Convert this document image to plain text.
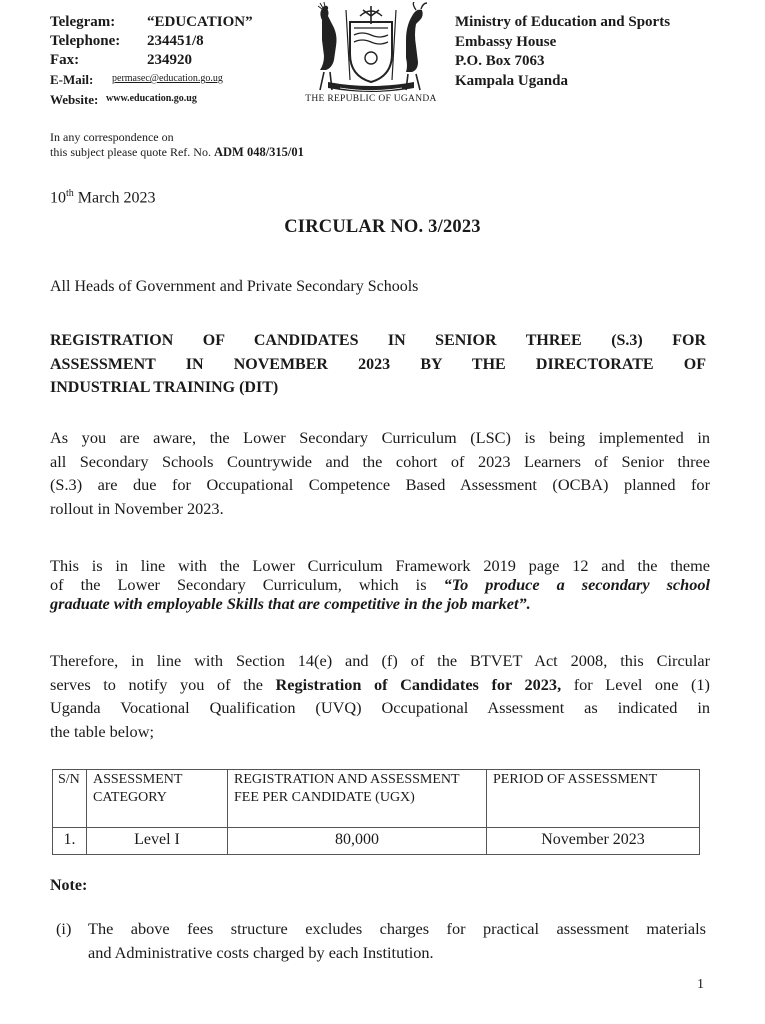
Telegram: “EDUCATION”
Telephone: 234451/8
Fax:	234920
E-Mail: permasec@education.go.ug
Website: www.education.go.ug	THE REPUBLIC OF UGANDA
Ministry of Education and Sports
Embassy House
P.O. Box 7063
Kampala Uganda
In any correspondence on
this subject please quote Ref. No. ADM 048/315/01
10th March 2023
CIRCULAR NO. 3/2023
All Heads of Government and Private Secondary Schools
REGISTRATION OF CANDIDATES IN SENIOR THREE (S.3) FOR
ASSESSMENT IN NOVEMBER 2023 BY THE DIRECTORATE OF
INDUSTRIAL TRAINING (DIT)
As you are aware, the Lower Secondary Curriculum (LSC) is being implemented in
all Secondary Schools Countrywide and the cohort of 2023 Learners of Senior three
(S.3) are due for Occupational Competence Based Assessment (OCBA) planned for
rollout in November 2023.
This is in line with the Lower Curriculum Framework 2019 page 12 and the theme
of the Lower Secondary Curriculum, which is “To produce a secondary school
graduate with employable Skills that are competitive in the job market”.
Therefore, in line with Section 14(e) and (f) of the BTVET Act 2008, this Circular
serves to notify you of the Registration of Candidates for 2023, for Level one (1)
Uganda Vocational Qualification (UVQ) Occupational Assessment as indicated in
the table below;
S/N	ASSESSMENT CATEGORY	REGISTRATION AND ASSESSMENT FEE PER CANDIDATE (UGX)	PERIOD OF ASSESSMENT
1.	Level I	80,000	November 2023
Note:
(i) The above fees structure excludes charges for practical assessment materials
and Administrative costs charged by each Institution.
1
